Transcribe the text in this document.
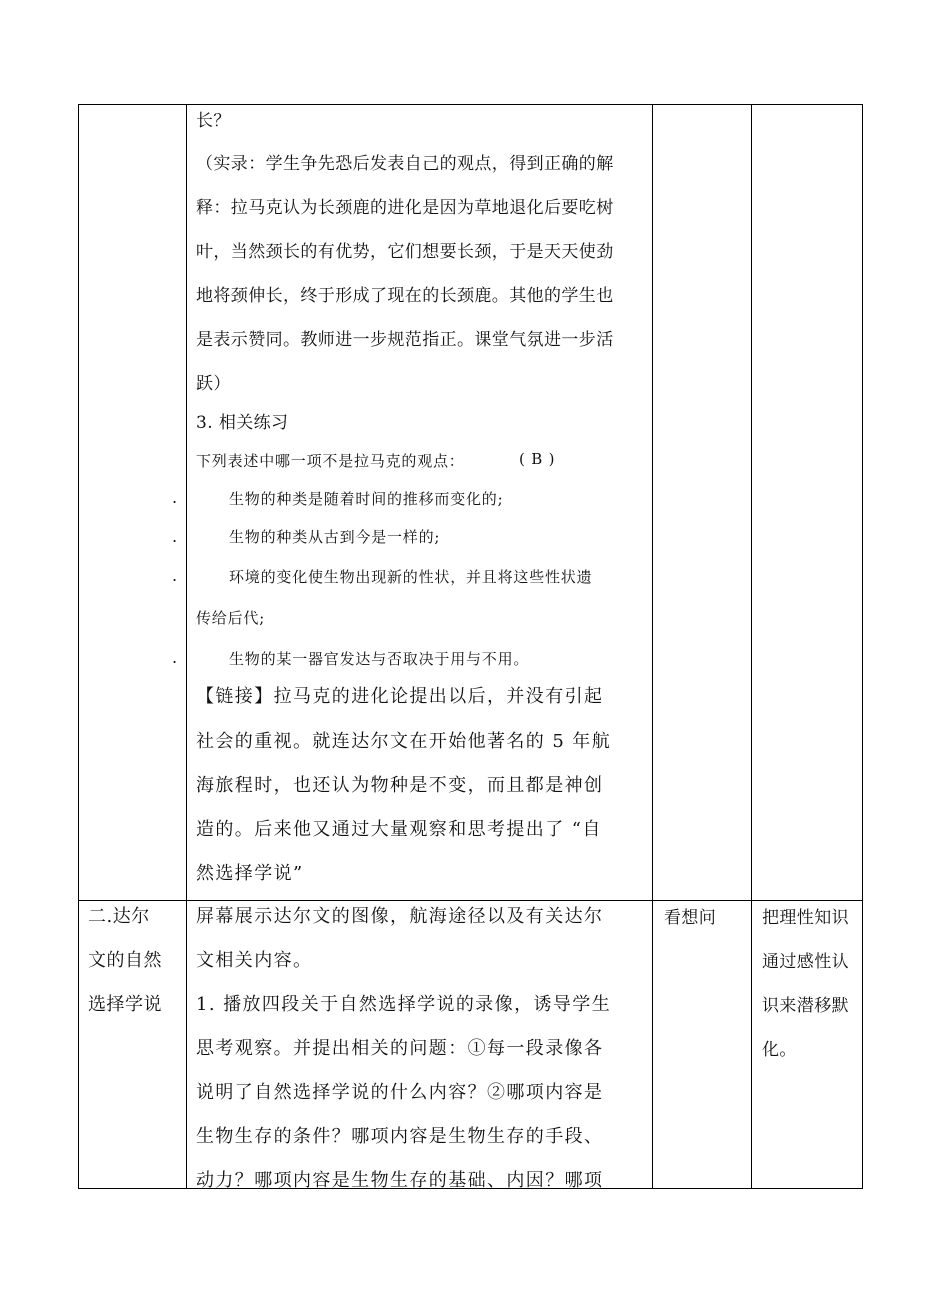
长？
（实录：学生争先恐后发表自己的观点，得到正确的解
释：拉马克认为长颈鹿的进化是因为草地退化后要吃树
叶，当然颈长的有优势，它们想要长颈，于是天天使劲
地将颈伸长，终于形成了现在的长颈鹿。其他的学生也
是表示赞同。教师进一步规范指正。课堂气氛进一步活
跃）
3. 相关练习
下列表述中哪一项不是拉马克的观点：	( B )
.
.
.
.
生物的种类是随着时间的推移而变化的;
生物的种类从古到今是一样的;
环境的变化使生物出现新的性状，并且将这些性状遗
传给后代;
生物的某一器官发达与否取决于用与不用。
【链接】拉马克的进化论提出以后，并没有引起
社会的重视。就连达尔文在开始他著名的 5 年航
海旅程时，也还认为物种是不变，而且都是神创
造的。后来他又通过大量观察和思考提出了 “自
然选择学说”
二.达尔
文的自然
选择学说
屏幕展示达尔文的图像，航海途径以及有关达尔
文相关内容。
1. 播放四段关于自然选择学说的录像，诱导学生
思考观察。并提出相关的问题：①每一段录像各
说明了自然选择学说的什么内容？②哪项内容是
生物生存的条件？哪项内容是生物生存的手段、
动力？哪项内容是生物生存的基础、内因？哪项
看想问	把理性知识
通过感性认
识来潜移默
化。
